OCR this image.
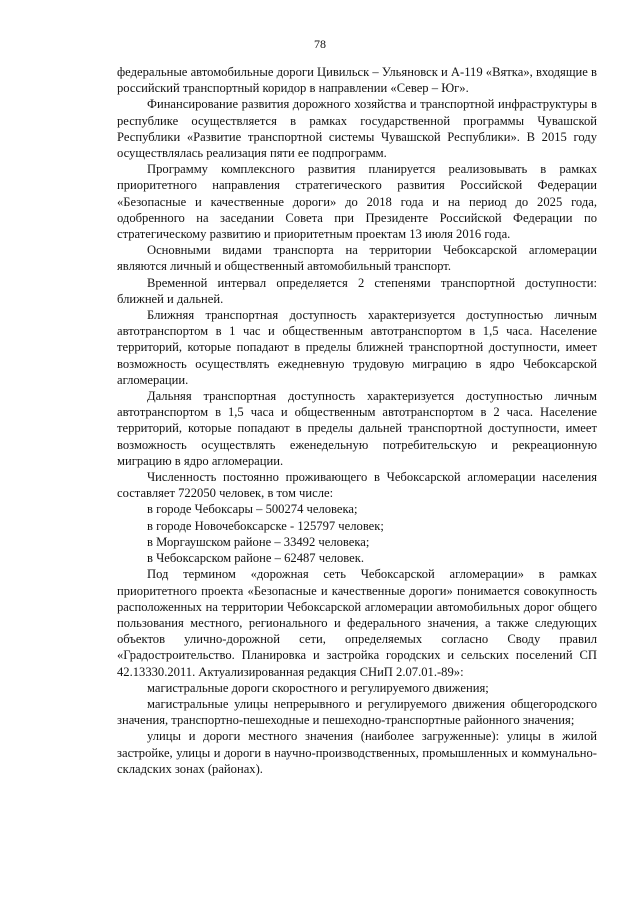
78

федеральные автомобильные дороги Цивильск – Ульяновск и А-119 «Вятка», входящие в российский транспортный коридор в направлении «Север – Юг».

Финансирование развития дорожного хозяйства и транспортной инфраструктуры в республике осуществляется в рамках государственной программы Чувашской Республики «Развитие транспортной системы Чувашской Республики». В 2015 году осуществлялась реализация пяти ее подпрограмм.

Программу комплексного развития планируется реализовывать в рамках приоритетного направления стратегического развития Российской Федерации «Безопасные и качественные дороги» до 2018 года и на период до 2025 года, одобренного на заседании Совета при Президенте Российской Федерации по стратегическому развитию и приоритетным проектам 13 июля 2016 года.

Основными видами транспорта на территории Чебоксарской агломерации являются личный и общественный автомобильный транспорт.

Временной интервал определяется 2 степенями транспортной доступности: ближней и дальней.

Ближняя транспортная доступность характеризуется доступностью личным автотранспортом в 1 час и общественным автотранспортом в 1,5 часа. Население территорий, которые попадают в пределы ближней транспортной доступности, имеет возможность осуществлять ежедневную трудовую миграцию в ядро Чебоксарской агломерации.

Дальняя транспортная доступность характеризуется доступностью личным автотранспортом в 1,5 часа и общественным автотранспортом в 2 часа. Население территорий, которые попадают в пределы дальней транспортной доступности, имеет возможность осуществлять еженедельную потребительскую и рекреационную миграцию в ядро агломерации.

Численность постоянно проживающего в Чебоксарской агломерации населения составляет 722050 человек, в том числе:

в городе Чебоксары – 500274 человека;

в городе Новочебоксарске - 125797 человек;

в Моргаушском районе – 33492 человека;

в Чебоксарском районе – 62487 человек.

Под термином «дорожная сеть Чебоксарской агломерации» в рамках приоритетного проекта «Безопасные и качественные дороги» понимается совокупность расположенных на территории Чебоксарской агломерации автомобильных дорог общего пользования местного, регионального и федерального значения, а также следующих объектов улично-дорожной сети, определяемых согласно Своду правил «Градостроительство. Планировка и застройка городских и сельских поселений СП 42.13330.2011. Актуализированная редакция СНиП 2.07.01.-89»:

магистральные дороги скоростного и регулируемого движения;

магистральные улицы непрерывного и регулируемого движения общегородского значения, транспортно-пешеходные и пешеходно-транспортные районного значения;

улицы и дороги местного значения (наиболее загруженные): улицы в жилой застройке, улицы и дороги в научно-производственных, промышленных и коммунально-складских зонах (районах).
